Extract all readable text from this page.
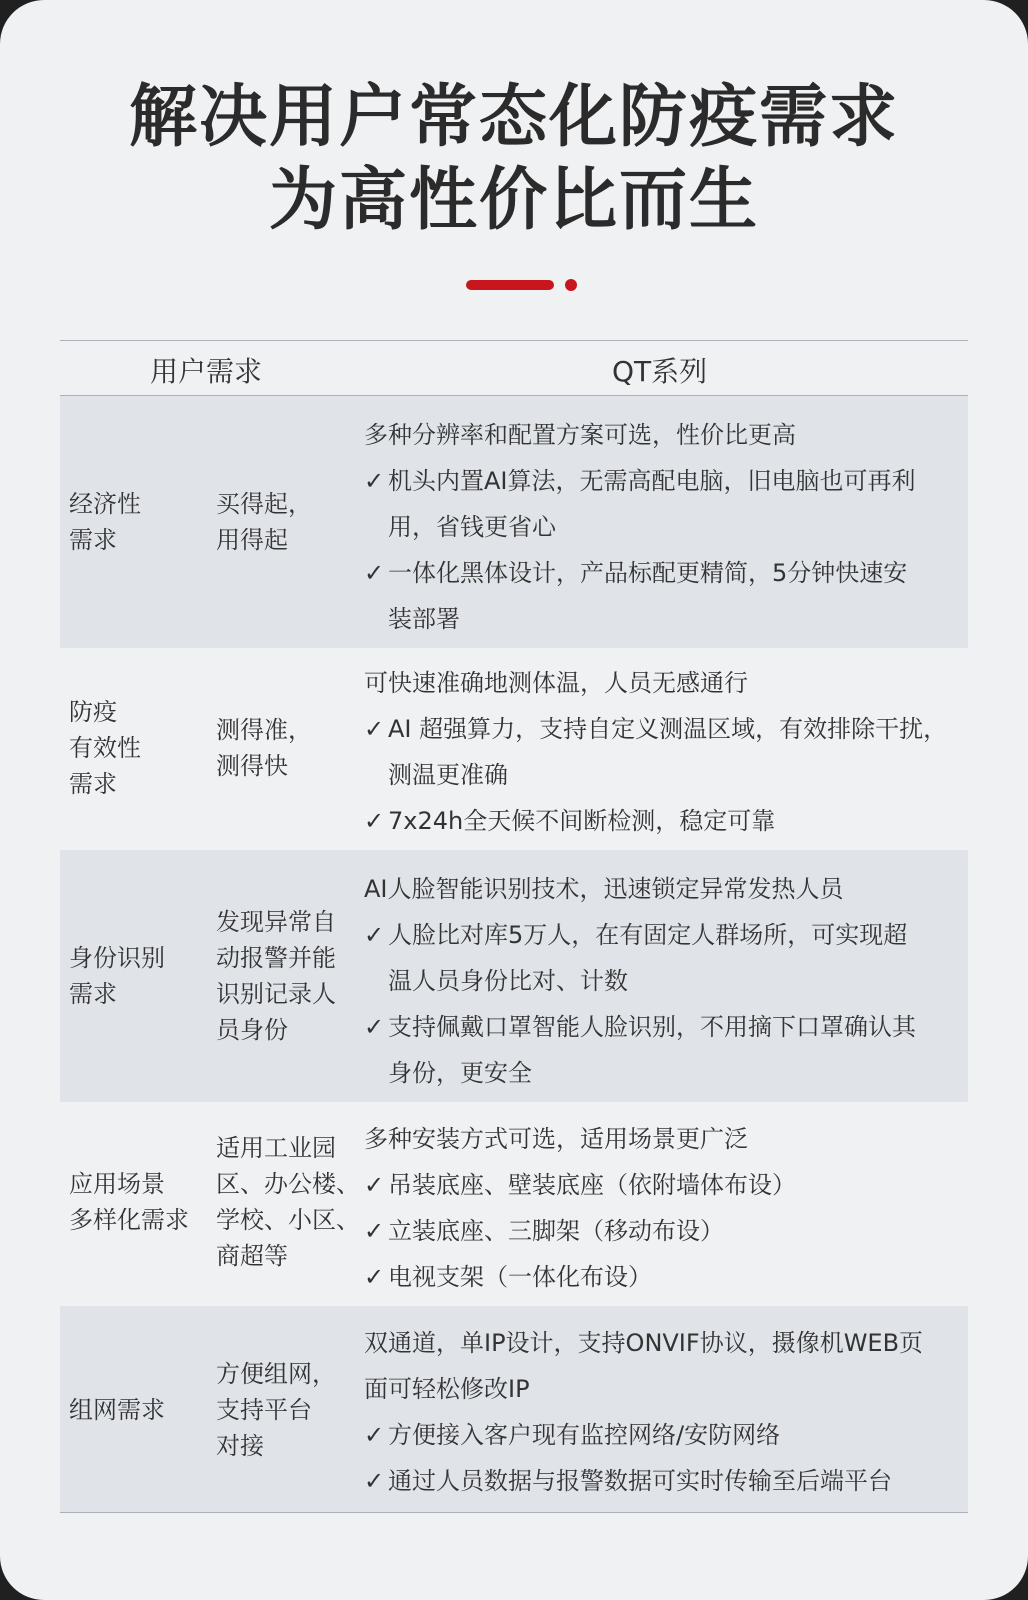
解决用户常态化防疫需求
为高性价比而生
用户需求	QT系列
经济性
需求
买得起，
用得起
多种分辨率和配置方案可选，性价比更高
✓ 机头内置AI算法，无需高配电脑，旧电脑也可再利
用，省钱更省心
✓ 一体化黑体设计，产品标配更精简，5分钟快速安
装部署
防疫
有效性
需求
测得准，
测得快
可快速准确地测体温，人员无感通行
✓ AI 超强算力，支持自定义测温区域，有效排除干扰，
测温更准确
✓ 7x24h全天候不间断检测，稳定可靠
身份识别
需求
发现异常自
动报警并能
识别记录人
员身份
AI人脸智能识别技术，迅速锁定异常发热人员
✓ 人脸比对库5万人，在有固定人群场所，可实现超
温人员身份比对、计数
✓ 支持佩戴口罩智能人脸识别，不用摘下口罩确认其
身份，更安全
应用场景
多样化需求
适用工业园
区、办公楼、
学校、小区、
商超等
多种安装方式可选，适用场景更广泛
✓ 吊装底座、壁装底座（依附墙体布设）
✓ 立装底座、三脚架（移动布设）
✓ 电视支架（一体化布设）
组网需求
方便组网，
支持平台
对接
双通道，单IP设计，支持ONVIF协议，摄像机WEB页
面可轻松修改IP
✓ 方便接入客户现有监控网络/安防网络
✓ 通过人员数据与报警数据可实时传输至后端平台
